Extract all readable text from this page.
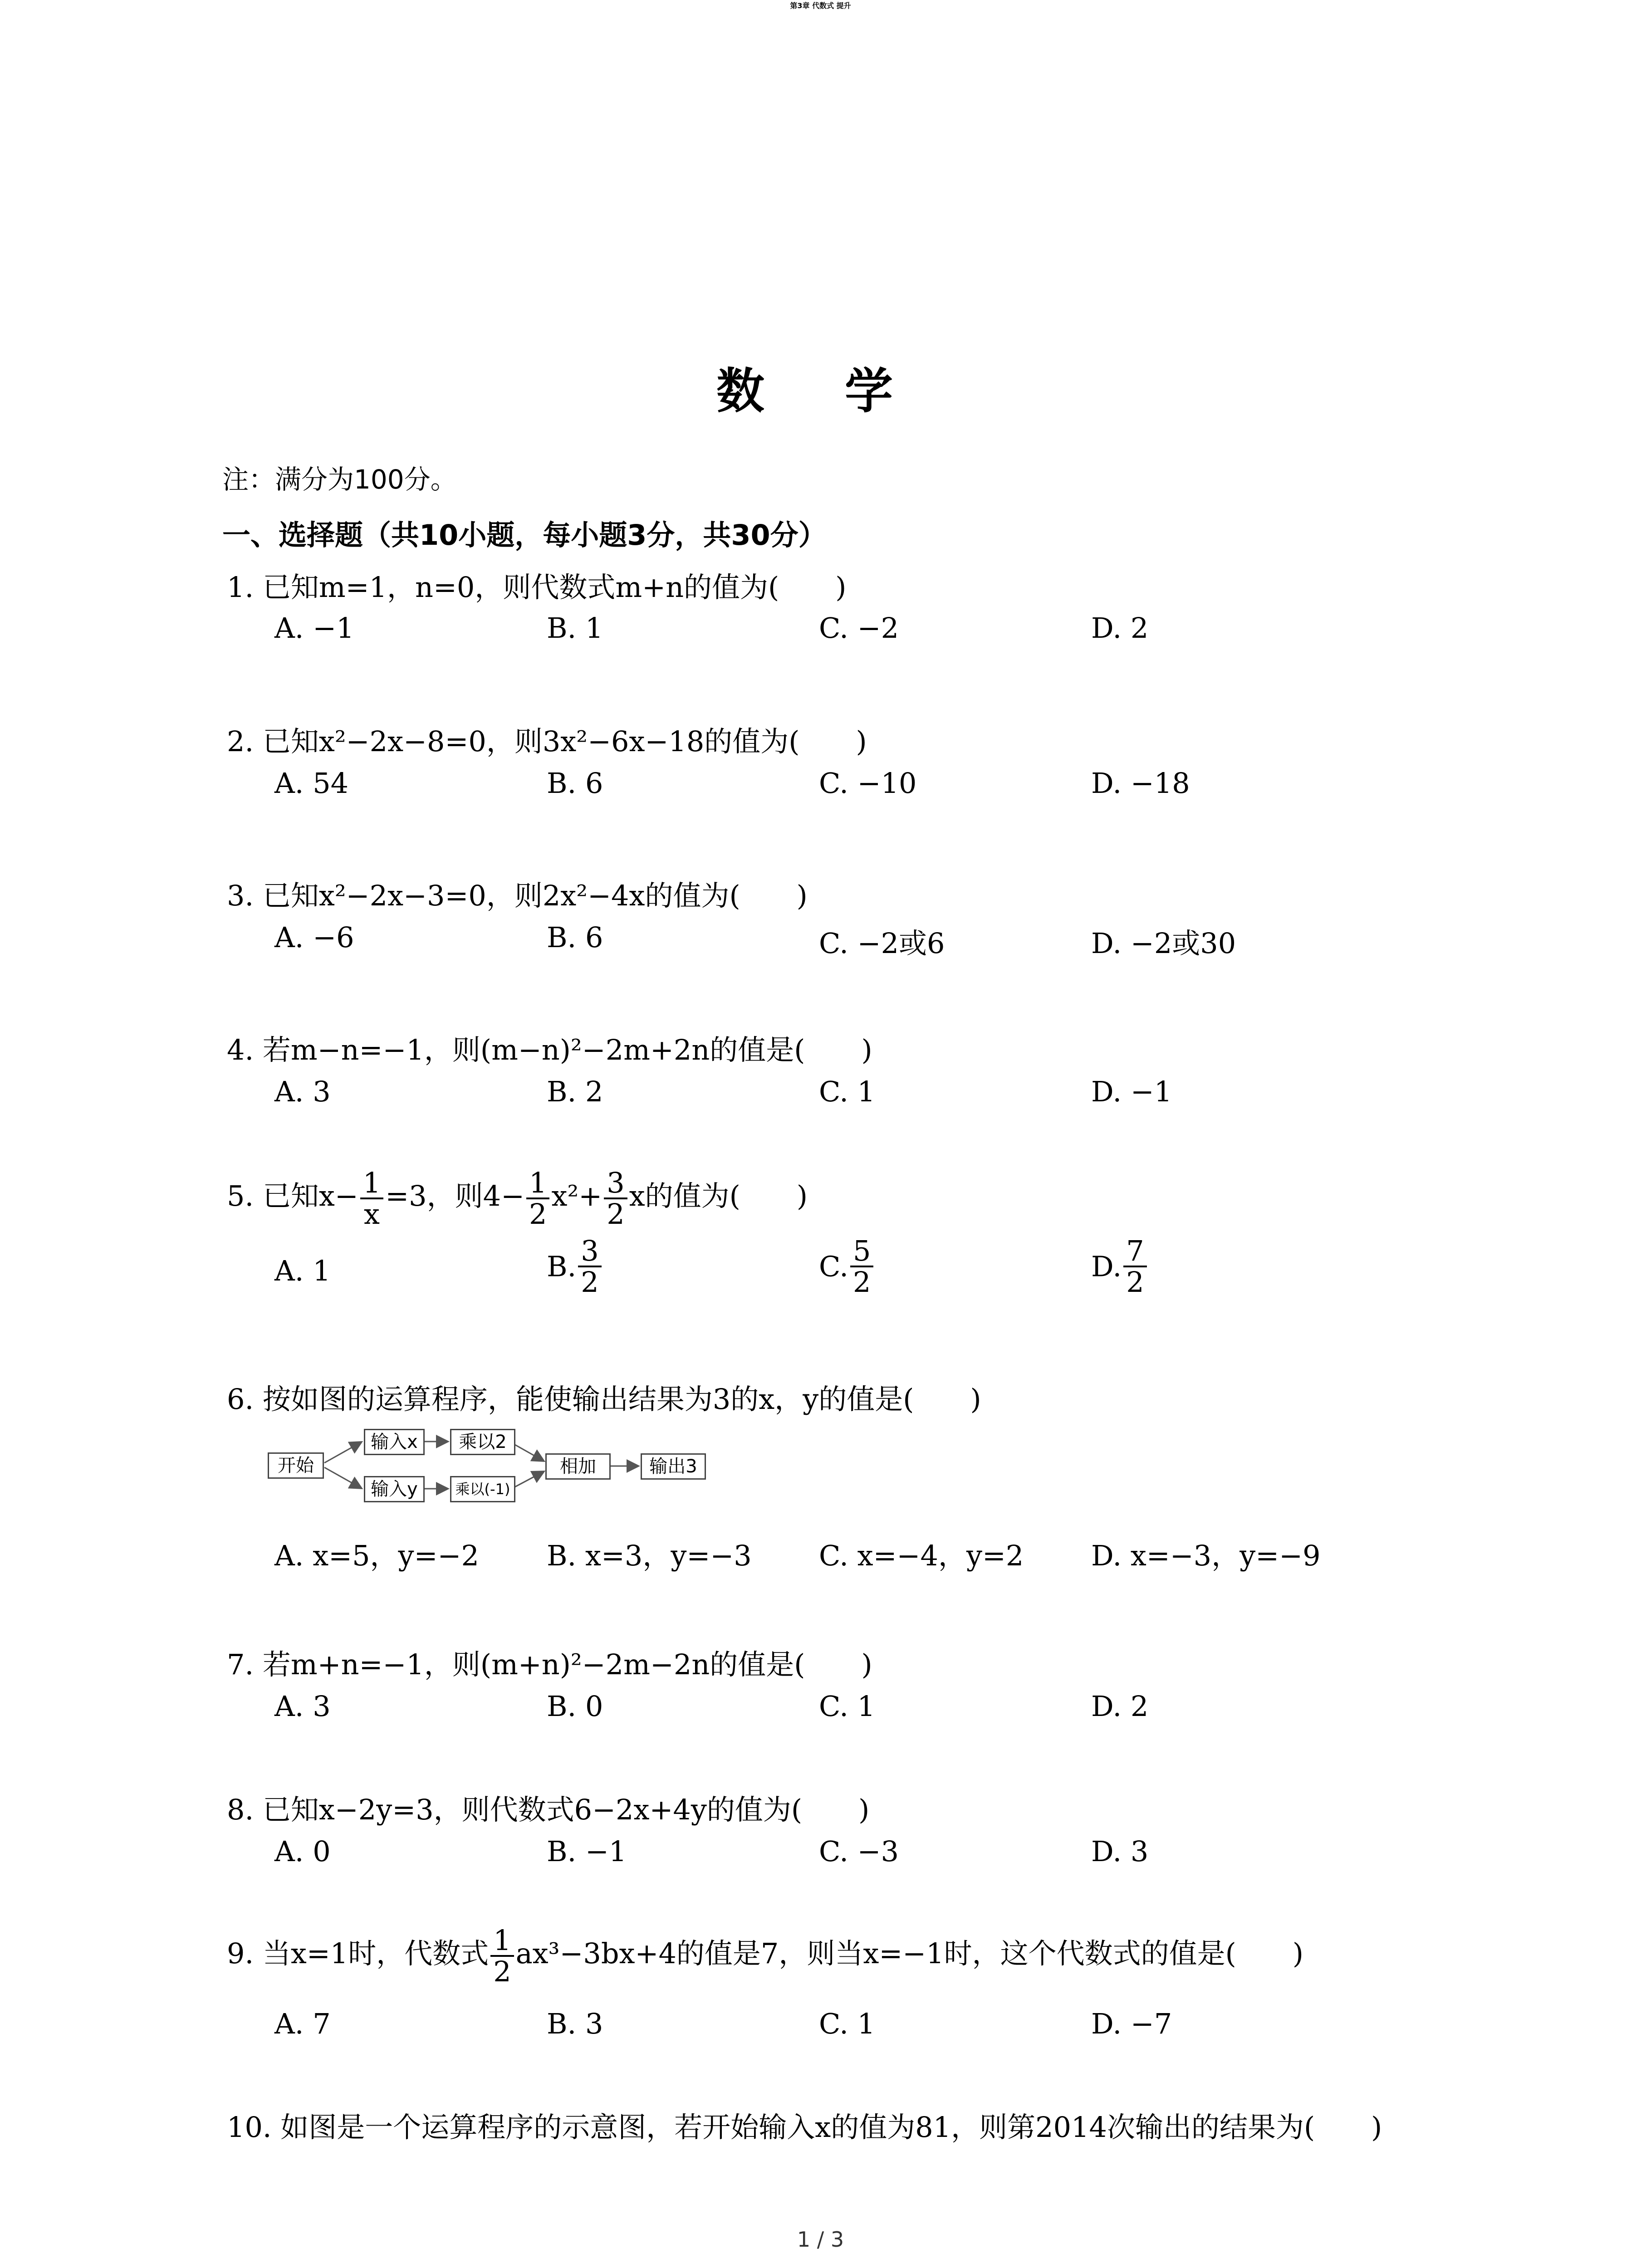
第3章 代数式 提升
数 学
注：满分为100分。
一、选择题（共10小题，每小题3分，共30分）
1. 已知m=1，n=0，则代数式m+n的值为(　　)
A. −1	B. 1	C. −2	D. 2
2. 已知x²−2x−8=0，则3x²−6x−18的值为(　　)
A. 54	B. 6	C. −10	D. −18
3. 已知x²−2x−3=0，则2x²−4x的值为(　　)
A. −6	B. 6	C. −2或6	D. −2或30
4. 若m−n=−1，则(m−n)²−2m+2n的值是(　　)
A. 3	B. 2	C. 1	D. −1
5. 已知$x- \frac{1}{x} =3$，则$4- \frac{1}{2} x^2+ \frac{3}{2}$ x的值为(　　)
A. 1	B. $\frac{3}{2}$	C. $\frac{5}{2}$	D. $\frac{7}{2}$
6. 按如图的运算程序，能使输出结果为3的x，y的值是(　　)
开始
输入x	乘以2
输入y	乘以(-1)
相加	输出3
A. x=5，y=−2 B. x=3，y=−3 C. x=−4，y=2 D. x=−3，y=−9
7. 若m+n=−1，则(m+n)²−2m−2n的值是(　　)
A. 3	B. 0	C. 1	D. 2
8. 已知x−2y=3，则代数式6−2x+4y的值为(　　)
A. 0	B. −1	C. −3	D. 3
9. 当x=1时，代数式 $\frac{1}{2} ax^3-3bx+4$的值是7，则当x=−1时，这个代数式的值是(　　)
A. 7	B. 3	C. 1	D. −7
10. 如图是一个运算程序的示意图，若开始输入x的值为81，则第2014次输出的结果为(　　)
1 / 3
